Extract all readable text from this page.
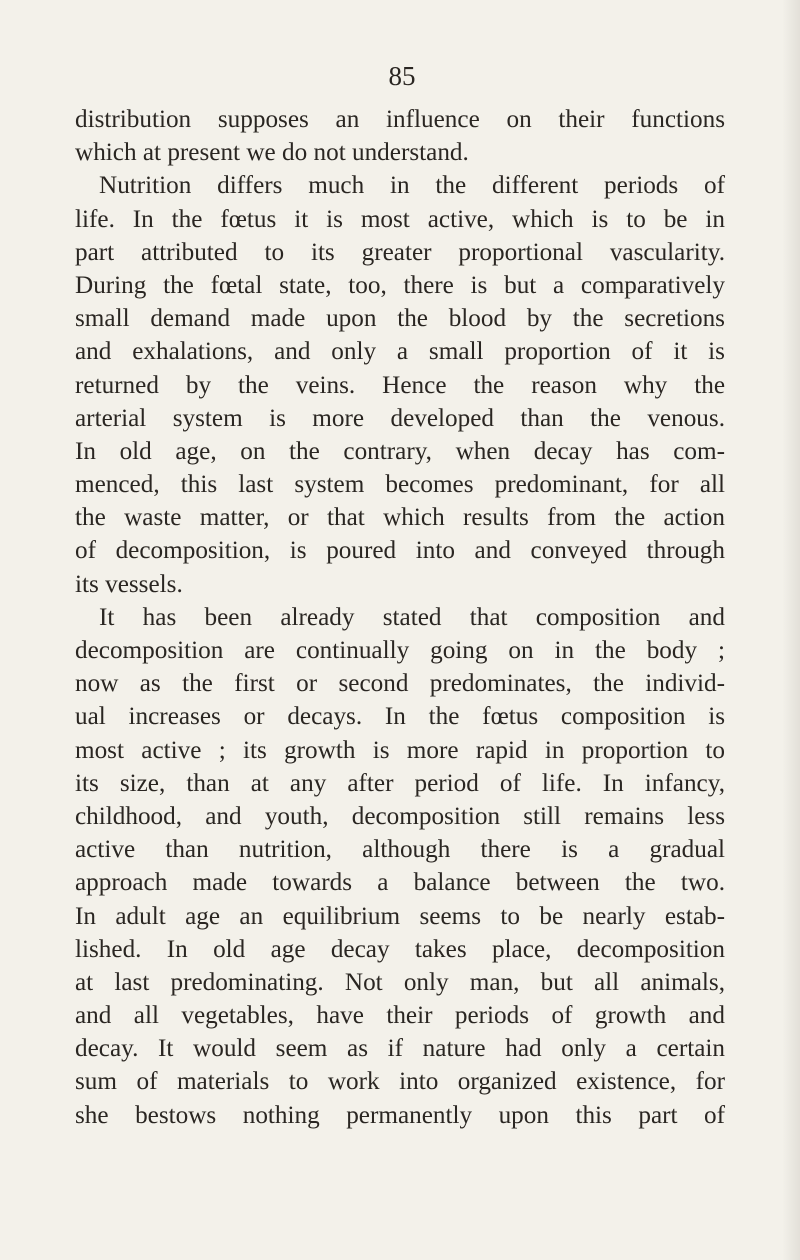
85
distribution supposes an influence on their functions
which at present we do not understand.
Nutrition differs much in the different periods of
life. In the fœtus it is most active, which is to be in
part attributed to its greater proportional vascularity.
During the fœtal state, too, there is but a comparatively
small demand made upon the blood by the secretions
and exhalations, and only a small proportion of it is
returned by the veins. Hence the reason why the
arterial system is more developed than the venous.
In old age, on the contrary, when decay has com-
menced, this last system becomes predominant, for all
the waste matter, or that which results from the action
of decomposition, is poured into and conveyed through
its vessels.
It has been already stated that composition and
decomposition are continually going on in the body ;
now as the first or second predominates, the individ-
ual increases or decays. In the fœtus composition is
most active ; its growth is more rapid in proportion to
its size, than at any after period of life. In infancy,
childhood, and youth, decomposition still remains less
active than nutrition, although there is a gradual
approach made towards a balance between the two.
In adult age an equilibrium seems to be nearly estab-
lished. In old age decay takes place, decomposition
at last predominating. Not only man, but all animals,
and all vegetables, have their periods of growth and
decay. It would seem as if nature had only a certain
sum of materials to work into organized existence, for
she bestows nothing permanently upon this part of
